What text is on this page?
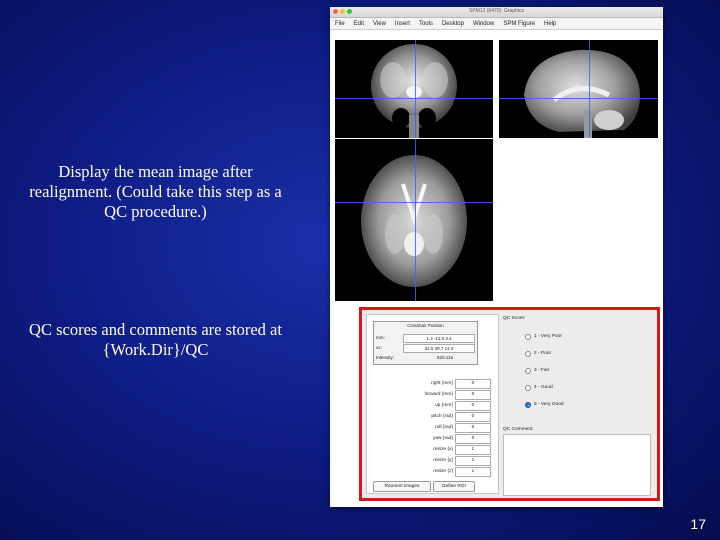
Display the mean image after realignment. (Could take this step as a QC procedure.)
QC scores and comments are stored at {Work.Dir}/QC
SPM12 (6470): Graphics
File Edit View Insert Tools Desktop Window SPM Figure Help
Crosshair Position
mm:	1.3 -13.0 3.4
vx:	32.5 39.7 14.0
Intensity:	820.115
right {mm}	0
forward {mm}	0
up {mm}	0
pitch {rad}	0
roll {rad}	0
yaw {rad}	0
resize {x}	1
resize {y}	1
resize {z}	1
Reorient images	Define ROI
QC Score:
1 - Very Poor
2 - Poor
3 - Fair
4 - Good
5 - Very Good
QC Comment:
17
